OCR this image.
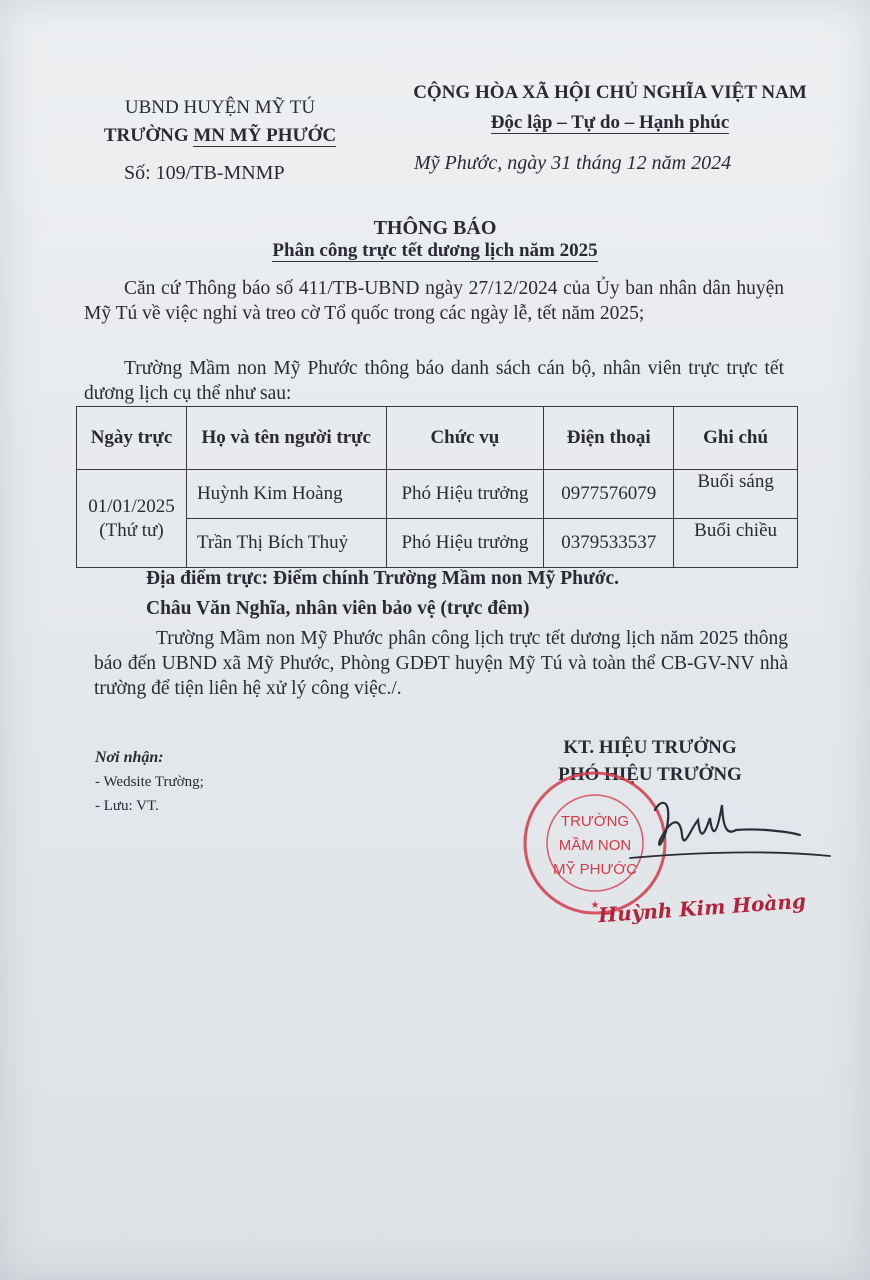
UBND HUYỆN MỸ TÚ
TRƯỜNG MN MỸ PHƯỚC
CỘNG HÒA XÃ HỘI CHỦ NGHĨA VIỆT NAM
Độc lập – Tự do – Hạnh phúc
Số: 109/TB-MNMP	Mỹ Phước, ngày 31 tháng 12 năm 2024
THÔNG BÁO
Phân công trực tết dương lịch năm 2025
Căn cứ Thông báo số 411/TB-UBND ngày 27/12/2024 của Ủy ban nhân dân huyện Mỹ Tú về việc nghỉ và treo cờ Tổ quốc trong các ngày lễ, tết năm 2025;
Trường Mầm non Mỹ Phước thông báo danh sách cán bộ, nhân viên trực trực tết dương lịch cụ thể như sau:
Ngày trực	Họ và tên người trực	Chức vụ	Điện thoại	Ghi chú

01/01/2025
(Thứ tư)	Huỳnh Kim Hoàng	Phó Hiệu trưởng	0977576079	Buổi sáng
	Trần Thị Bích Thuỷ	Phó Hiệu trưởng	0379533537	Buổi chiều
Địa điểm trực: Điểm chính Trường Mầm non Mỹ Phước.
Châu Văn Nghĩa, nhân viên bảo vệ (trực đêm)
Trường Mầm non Mỹ Phước phân công lịch trực tết dương lịch năm 2025 thông báo đến UBND xã Mỹ Phước, Phòng GDĐT huyện Mỹ Tú và toàn thể CB-GV-NV nhà trường để tiện liên hệ xử lý công việc./.
Nơi nhận:
- Wedsite Trường;
- Lưu: VT.
KT. HIỆU TRƯỞNG
PHÓ HIỆU TRƯỞNG
★
TRƯỜNG
MẦM NON
MỸ PHƯỚC
Huỳnh Kim Hoàng
